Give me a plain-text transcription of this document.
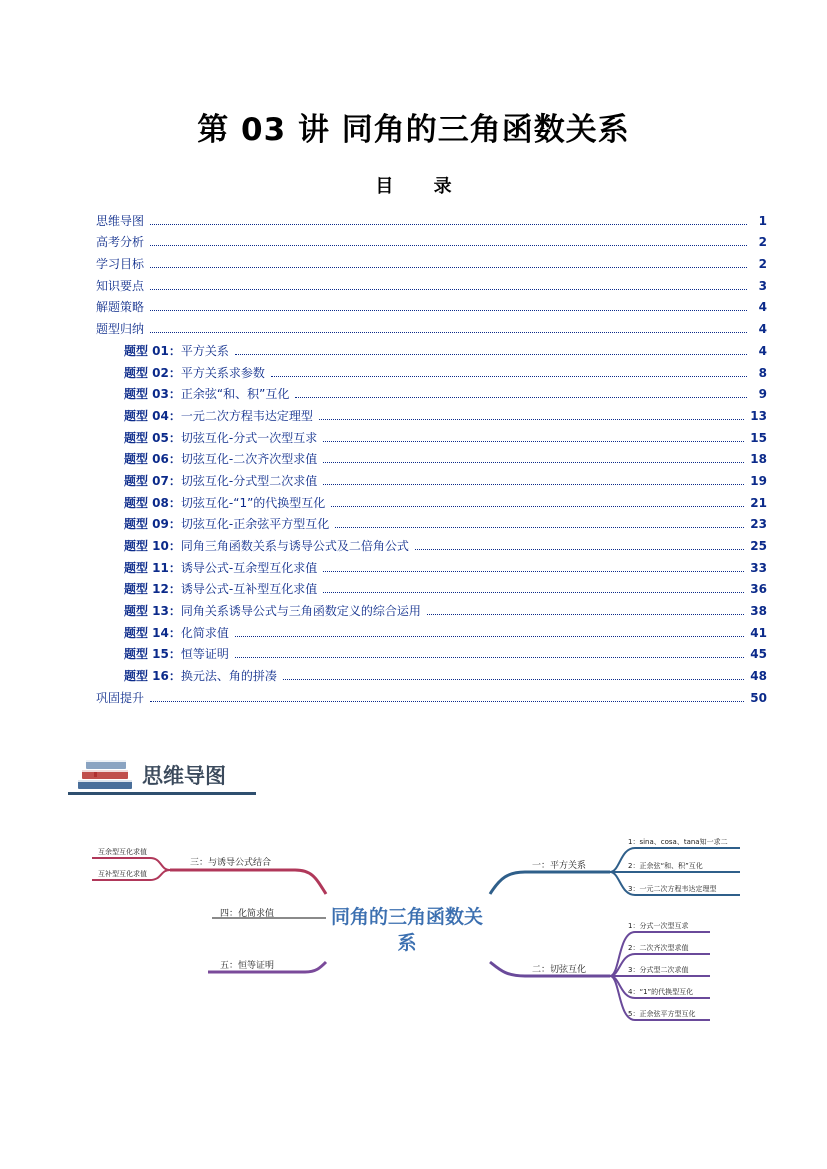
第 03 讲 同角的三角函数关系
目 录
思维导图	1
高考分析	2
学习目标	2
知识要点	3
解题策略	4
题型归纳	4
题型 01：平方关系	4
题型 02：平方关系求参数	8
题型 03：正余弦“和、积”互化	9
题型 04：一元二次方程韦达定理型	13
题型 05：切弦互化-分式一次型互求	15
题型 06：切弦互化-二次齐次型求值	18
题型 07：切弦互化-分式型二次求值	19
题型 08：切弦互化-“1”的代换型互化	21
题型 09：切弦互化-正余弦平方型互化	23
题型 10：同角三角函数关系与诱导公式及二倍角公式	25
题型 11：诱导公式-互余型互化求值	33
题型 12：诱导公式-互补型互化求值	36
题型 13：同角关系诱导公式与三角函数定义的综合运用	38
题型 14：化简求值	41
题型 15：恒等证明	45
题型 16：换元法、角的拼凑	48
巩固提升	50
思维导图
同角的三角函数关系
一：平方关系
1：sina、cosa、tana知一求二
2：正余弦“和、积”互化
3：一元二次方程韦达定理型
二：切弦互化
1：分式一次型互求
2：二次齐次型求值
3：分式型二次求值
4：“1”的代换型互化
5：正余弦平方型互化
三：与诱导公式结合
互余型互化求值
互补型互化求值
四：化简求值
五：恒等证明
